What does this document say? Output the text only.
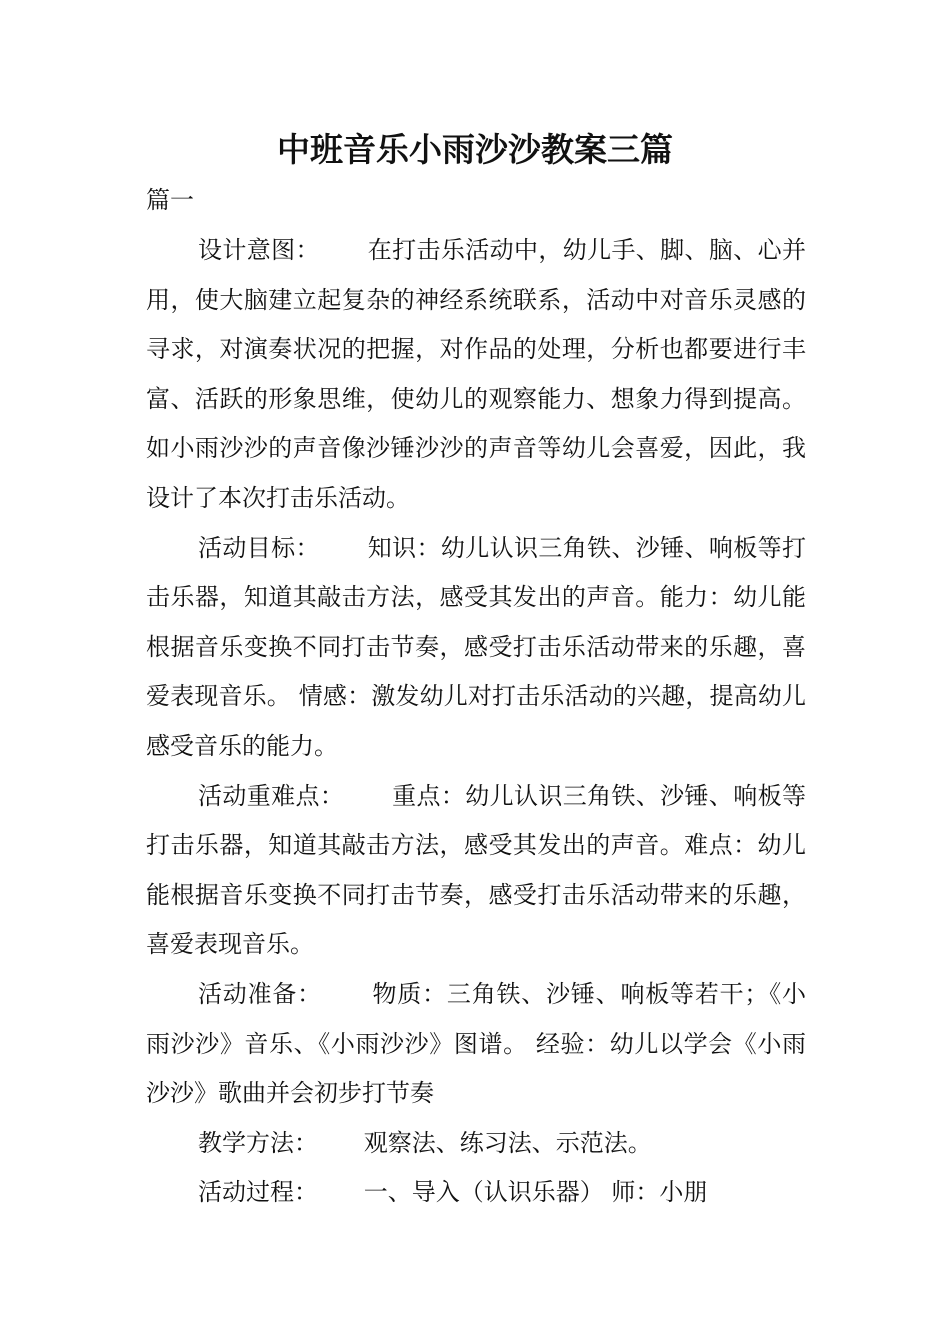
中班音乐小雨沙沙教案三篇

篇一

设计意图： 在打击乐活动中，幼儿手、脚、脑、心并用，使大脑建立起复杂的神经系统联系，活动中对音乐灵感的寻求，对演奏状况的把握，对作品的处理，分析也都要进行丰富、活跃的形象思维，使幼儿的观察能力、想象力得到提高。如小雨沙沙的声音像沙锤沙沙的声音等幼儿会喜爱，因此，我设计了本次打击乐活动。

活动目标： 知识：幼儿认识三角铁、沙锤、响板等打击乐器，知道其敲击方法，感受其发出的声音。能力：幼儿能根据音乐变换不同打击节奏，感受打击乐活动带来的乐趣，喜爱表现音乐。 情感：激发幼儿对打击乐活动的兴趣，提高幼儿感受音乐的能力。

活动重难点： 重点：幼儿认识三角铁、沙锤、响板等打击乐器，知道其敲击方法，感受其发出的声音。难点：幼儿能根据音乐变换不同打击节奏，感受打击乐活动带来的乐趣，喜爱表现音乐。

活动准备： 物质：三角铁、沙锤、响板等若干；《小雨沙沙》音乐、《小雨沙沙》图谱。 经验：幼儿以学会《小雨沙沙》歌曲并会初步打节奏

教学方法： 观察法、练习法、示范法。

活动过程： 一、导入（认识乐器） 师：小朋
